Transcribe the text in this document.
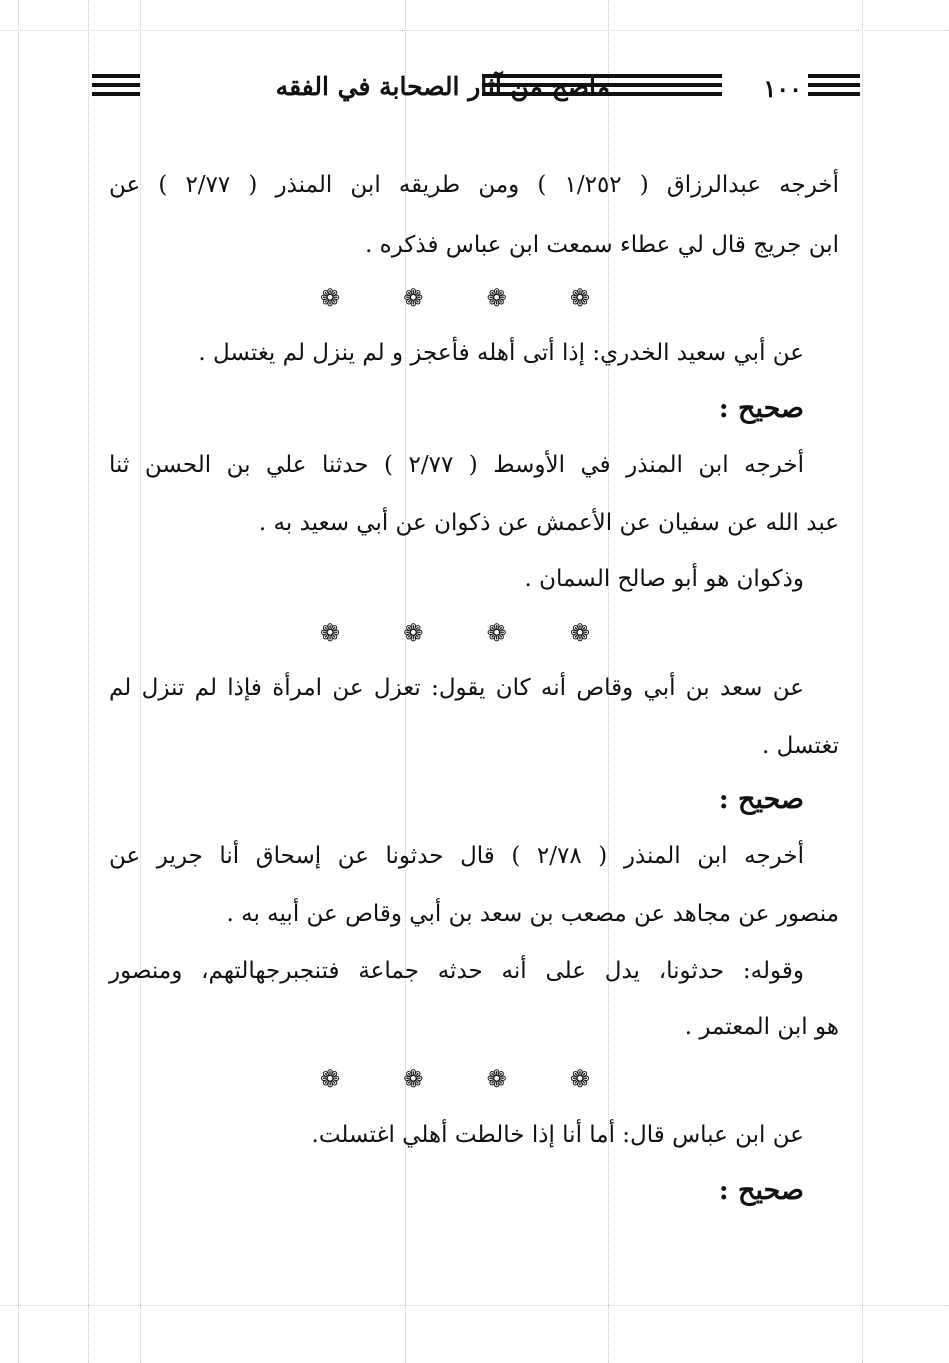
١٠٠
ماصح من آثار الصحابة في الفقه
أخرجه عبدالرزاق ( ١/٢٥٢ ) ومن طريقه ابن المنذر ( ٢/٧٧ ) عن
ابن جريج قال لي عطاء سمعت ابن عباس فذكره .
❁
❁
❁
❁
عن أبي سعيد الخدري: إذا أتى أهله فأعجز و لم ينزل لم يغتسل .
صحيح :
أخرجه ابن المنذر في الأوسط ( ٢/٧٧ ) حدثنا علي بن الحسن ثنا
عبد الله عن سفيان عن الأعمش عن ذكوان عن أبي سعيد به .
وذكوان هو أبو صالح السمان .
❁
❁
❁
❁
عن سعد بن أبي وقاص أنه كان يقول: تعزل عن امرأة فإذا لم تنزل لم
تغتسل .
صحيح :
أخرجه ابن المنذر ( ٢/٧٨ ) قال حدثونا عن إسحاق أنا جرير عن
منصور عن مجاهد عن مصعب بن سعد بن أبي وقاص عن أبيه به .
وقوله: حدثونا، يدل على أنه حدثه جماعة فتنجبرجهالتهم، ومنصور
هو ابن المعتمر .
❁
❁
❁
❁
عن ابن عباس قال: أما أنا إذا خالطت أهلي اغتسلت.
صحيح :
